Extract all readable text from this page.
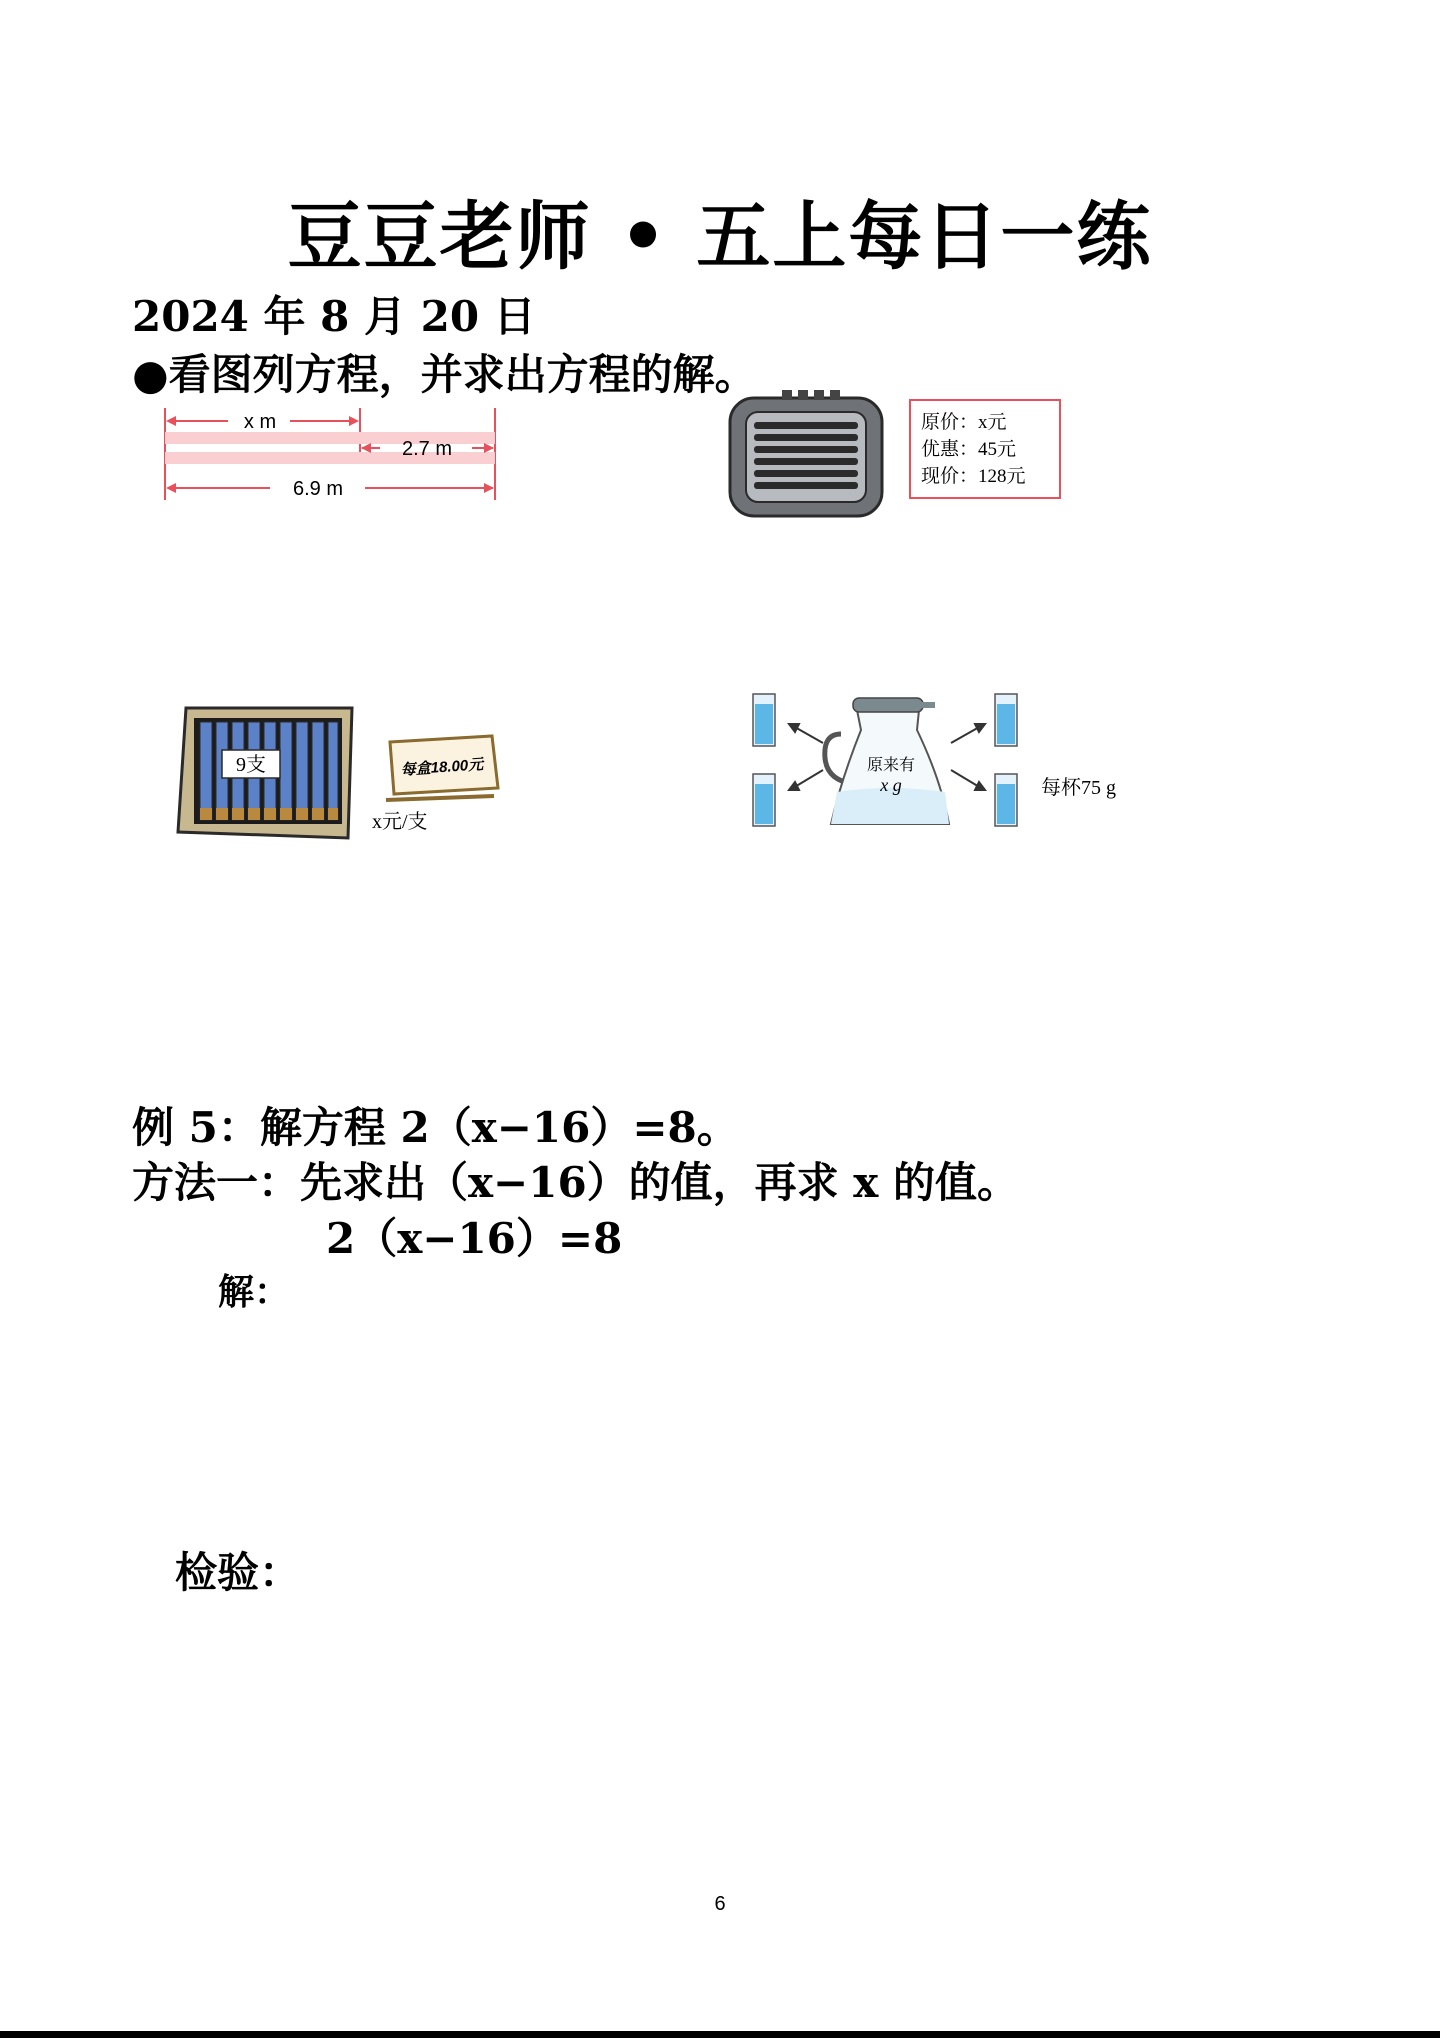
豆豆老师 • 五上每日一练
2024 年 8 月 20 日
●看图列方程，并求出方程的解。
x m
2.7 m
6.9 m
原价：x元
优惠：45元
现价：128元
9支	每盒18.00元
x元/支
原来有
x g	每杯75 g
例 5：解方程 2（x−16）=8。
方法一：先求出（x−16）的值，再求 x 的值。
2（x−16）=8
解：
检验：
6
